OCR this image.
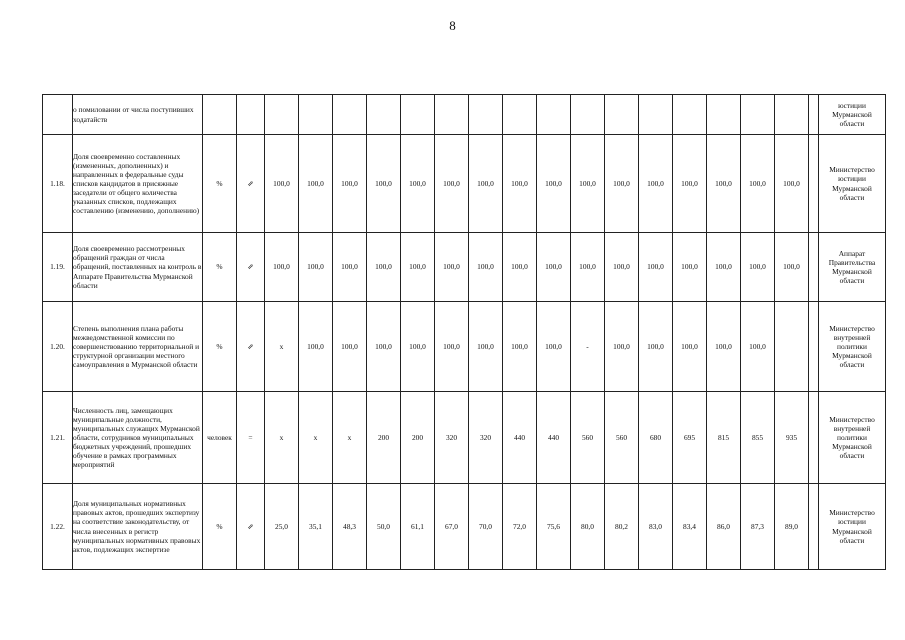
8
	о помиловании от числа поступивших ходатайств																				юстиции Мурманской области
1.18.	Доля своевременно составленных (измененных, дополненных) и направленных в федеральные суды списков кандидатов в присяжные заседатели от общего количества указанных списков, подлежащих составлению (изменению, дополнению)	%	⇗	100,0	100,0	100,0	100,0	100,0	100,0	100,0	100,0	100,0	100,0	100,0	100,0	100,0	100,0	100,0	100,0		Министерство юстиции Мурманской области
1.19.	Доля своевременно рассмотренных обращений граждан от числа обращений, поставленных на контроль в Аппарате Правительства Мурманской области	%	⇗	100,0	100,0	100,0	100,0	100,0	100,0	100,0	100,0	100,0	100,0	100,0	100,0	100,0	100,0	100,0	100,0		Аппарат Правительства Мурманской области
1.20.	Степень выполнения плана работы межведомственной комиссии по совершенствованию территориальной и структурной организации местного самоуправления в Мурманской области	%	⇗	x	100,0	100,0	100,0	100,0	100,0	100,0	100,0	100,0	-	100,0	100,0	100,0	100,0	100,0			Министерство внутренней политики Мурманской области
1.21.	Численность лиц, замещающих муниципальные должности, муниципальных служащих Мурманской области, сотрудников муниципальных бюджетных учреждений, прошедших обучение в рамках программных мероприятий	человек	=	x	x	x	200	200	320	320	440	440	560	560	680	695	815	855	935		Министерство внутренней политики Мурманской области
1.22.	Доля муниципальных нормативных правовых актов, прошедших экспертизу на соответствие законодательству, от числа внесенных в регистр муниципальных нормативных правовых актов, подлежащих экспертизе	%	⇗	25,0	35,1	48,3	50,0	61,1	67,0	70,0	72,0	75,6	80,0	80,2	83,0	83,4	86,0	87,3	89,0		Министерство юстиции Мурманской области
